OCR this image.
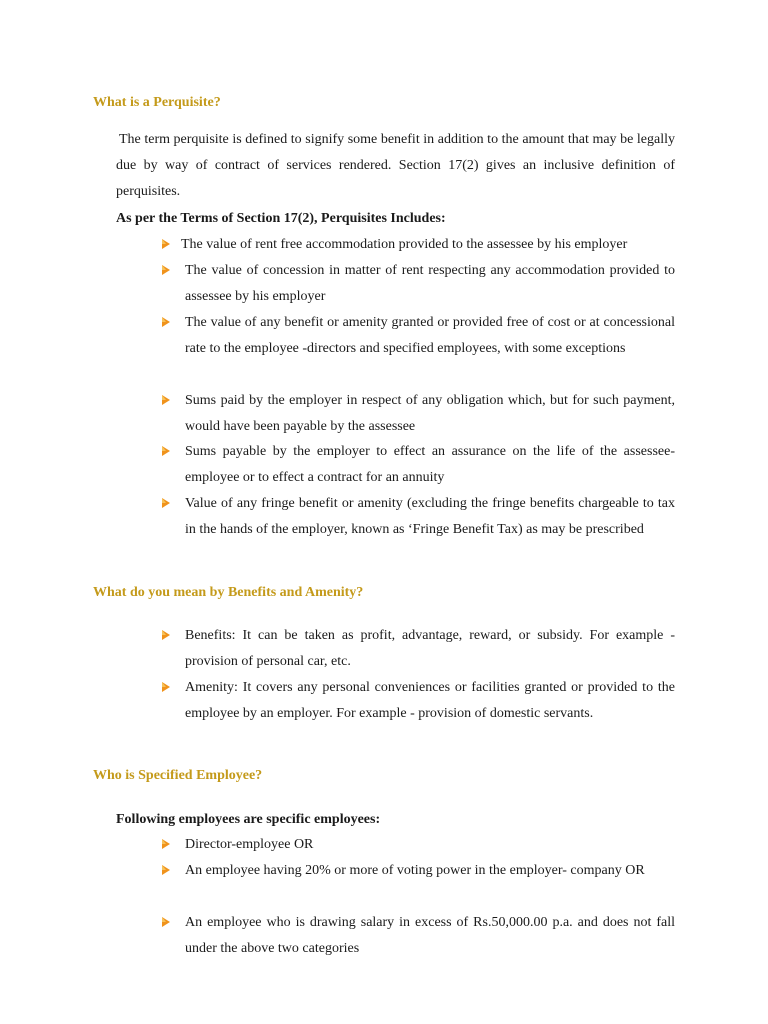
What is a Perquisite?

The term perquisite is defined to signify some benefit in addition to the amount that may be legally due by way of contract of services rendered. Section 17(2) gives an inclusive definition of perquisites.

As per the Terms of Section 17(2), Perquisites Includes:

The value of rent free accommodation provided to the assessee by his employer
The value of concession in matter of rent respecting any accommodation provided to assessee by his employer
The value of any benefit or amenity granted or provided free of cost or at concessional rate to the employee -directors and specified employees, with some exceptions
Sums paid by the employer in respect of any obligation which, but for such payment, would have been payable by the assessee
Sums payable by the employer to effect an assurance on the life of the assessee-employee or to effect a contract for an annuity
Value of any fringe benefit or amenity (excluding the fringe benefits chargeable to tax in the hands of the employer, known as ‘Fringe Benefit Tax) as may be prescribed
What do you mean by Benefits and Amenity?
Benefits: It can be taken as profit, advantage, reward, or subsidy. For example - provision of personal car, etc.
Amenity: It covers any personal conveniences or facilities granted or provided to the employee by an employer. For example - provision of domestic servants.
Who is Specified Employee?

Following employees are specific employees:

Director-employee OR
An employee having 20% or more of voting power in the employer- company OR
An employee who is drawing salary in excess of Rs.50,000.00 p.a. and does not fall under the above two categories
